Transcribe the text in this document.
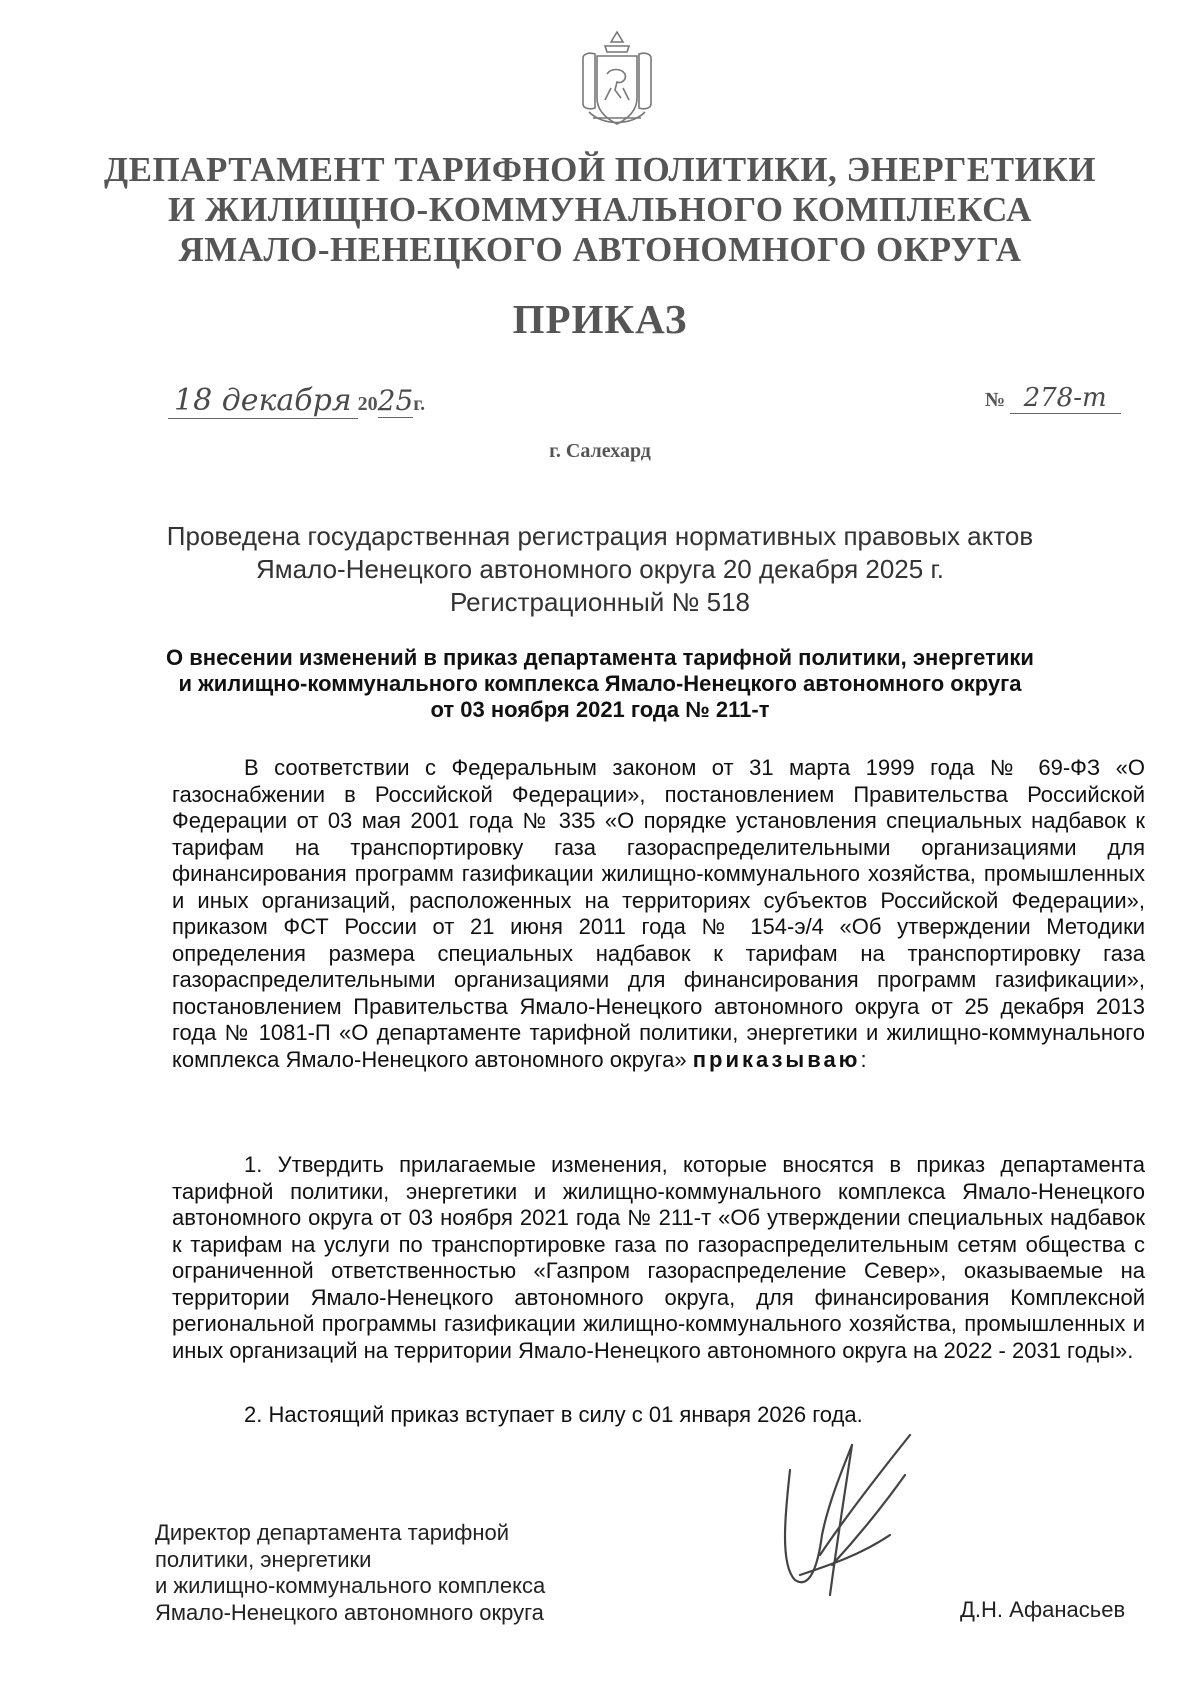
ДЕПАРТАМЕНТ ТАРИФНОЙ ПОЛИТИКИ, ЭНЕРГЕТИКИ
И ЖИЛИЩНО-КОММУНАЛЬНОГО КОМПЛЕКСА
ЯМАЛО-НЕНЕЦКОГО АВТОНОМНОГО ОКРУГА
ПРИКАЗ
18 декабря 2025г.	№ 278-т
г. Салехард
Проведена государственная регистрация нормативных правовых актов
Ямало-Ненецкого автономного округа 20 декабря 2025 г.
Регистрационный № 518
О внесении изменений в приказ департамента тарифной политики, энергетики
и жилищно-коммунального комплекса Ямало-Ненецкого автономного округа
от 03 ноября 2021 года № 211-т

В соответствии с Федеральным законом от 31 марта 1999 года № 69-ФЗ «О газоснабжении в Российской Федерации», постановлением Правительства Российской Федерации от 03 мая 2001 года № 335 «О порядке установления специальных надбавок к тарифам на транспортировку газа газораспределительными организациями для финансирования программ газификации жилищно-коммунального хозяйства, промышленных и иных организаций, расположенных на территориях субъектов Российской Федерации», приказом ФСТ России от 21 июня 2011 года № 154-э/4 «Об утверждении Методики определения размера специальных надбавок к тарифам на транспортировку газа газораспределительными организациями для финансирования программ газификации», постановлением Правительства Ямало-Ненецкого автономного округа от 25 декабря 2013 года № 1081-П «О департаменте тарифной политики, энергетики и жилищно-коммунального комплекса Ямало-Ненецкого автономного округа» приказываю:

1. Утвердить прилагаемые изменения, которые вносятся в приказ департамента тарифной политики, энергетики и жилищно-коммунального комплекса Ямало-Ненецкого автономного округа от 03 ноября 2021 года № 211-т «Об утверждении специальных надбавок к тарифам на услуги по транспортировке газа по газораспределительным сетям общества с ограниченной ответственностью «Газпром газораспределение Север», оказываемые на территории Ямало-Ненецкого автономного округа, для финансирования Комплексной региональной программы газификации жилищно-коммунального хозяйства, промышленных и иных организаций на территории Ямало-Ненецкого автономного округа на 2022 - 2031 годы».

2. Настоящий приказ вступает в силу с 01 января 2026 года.

Директор департамента тарифной
политики, энергетики
и жилищно-коммунального комплекса
Ямало-Ненецкого автономного округа	Д.Н. Афанасьев
